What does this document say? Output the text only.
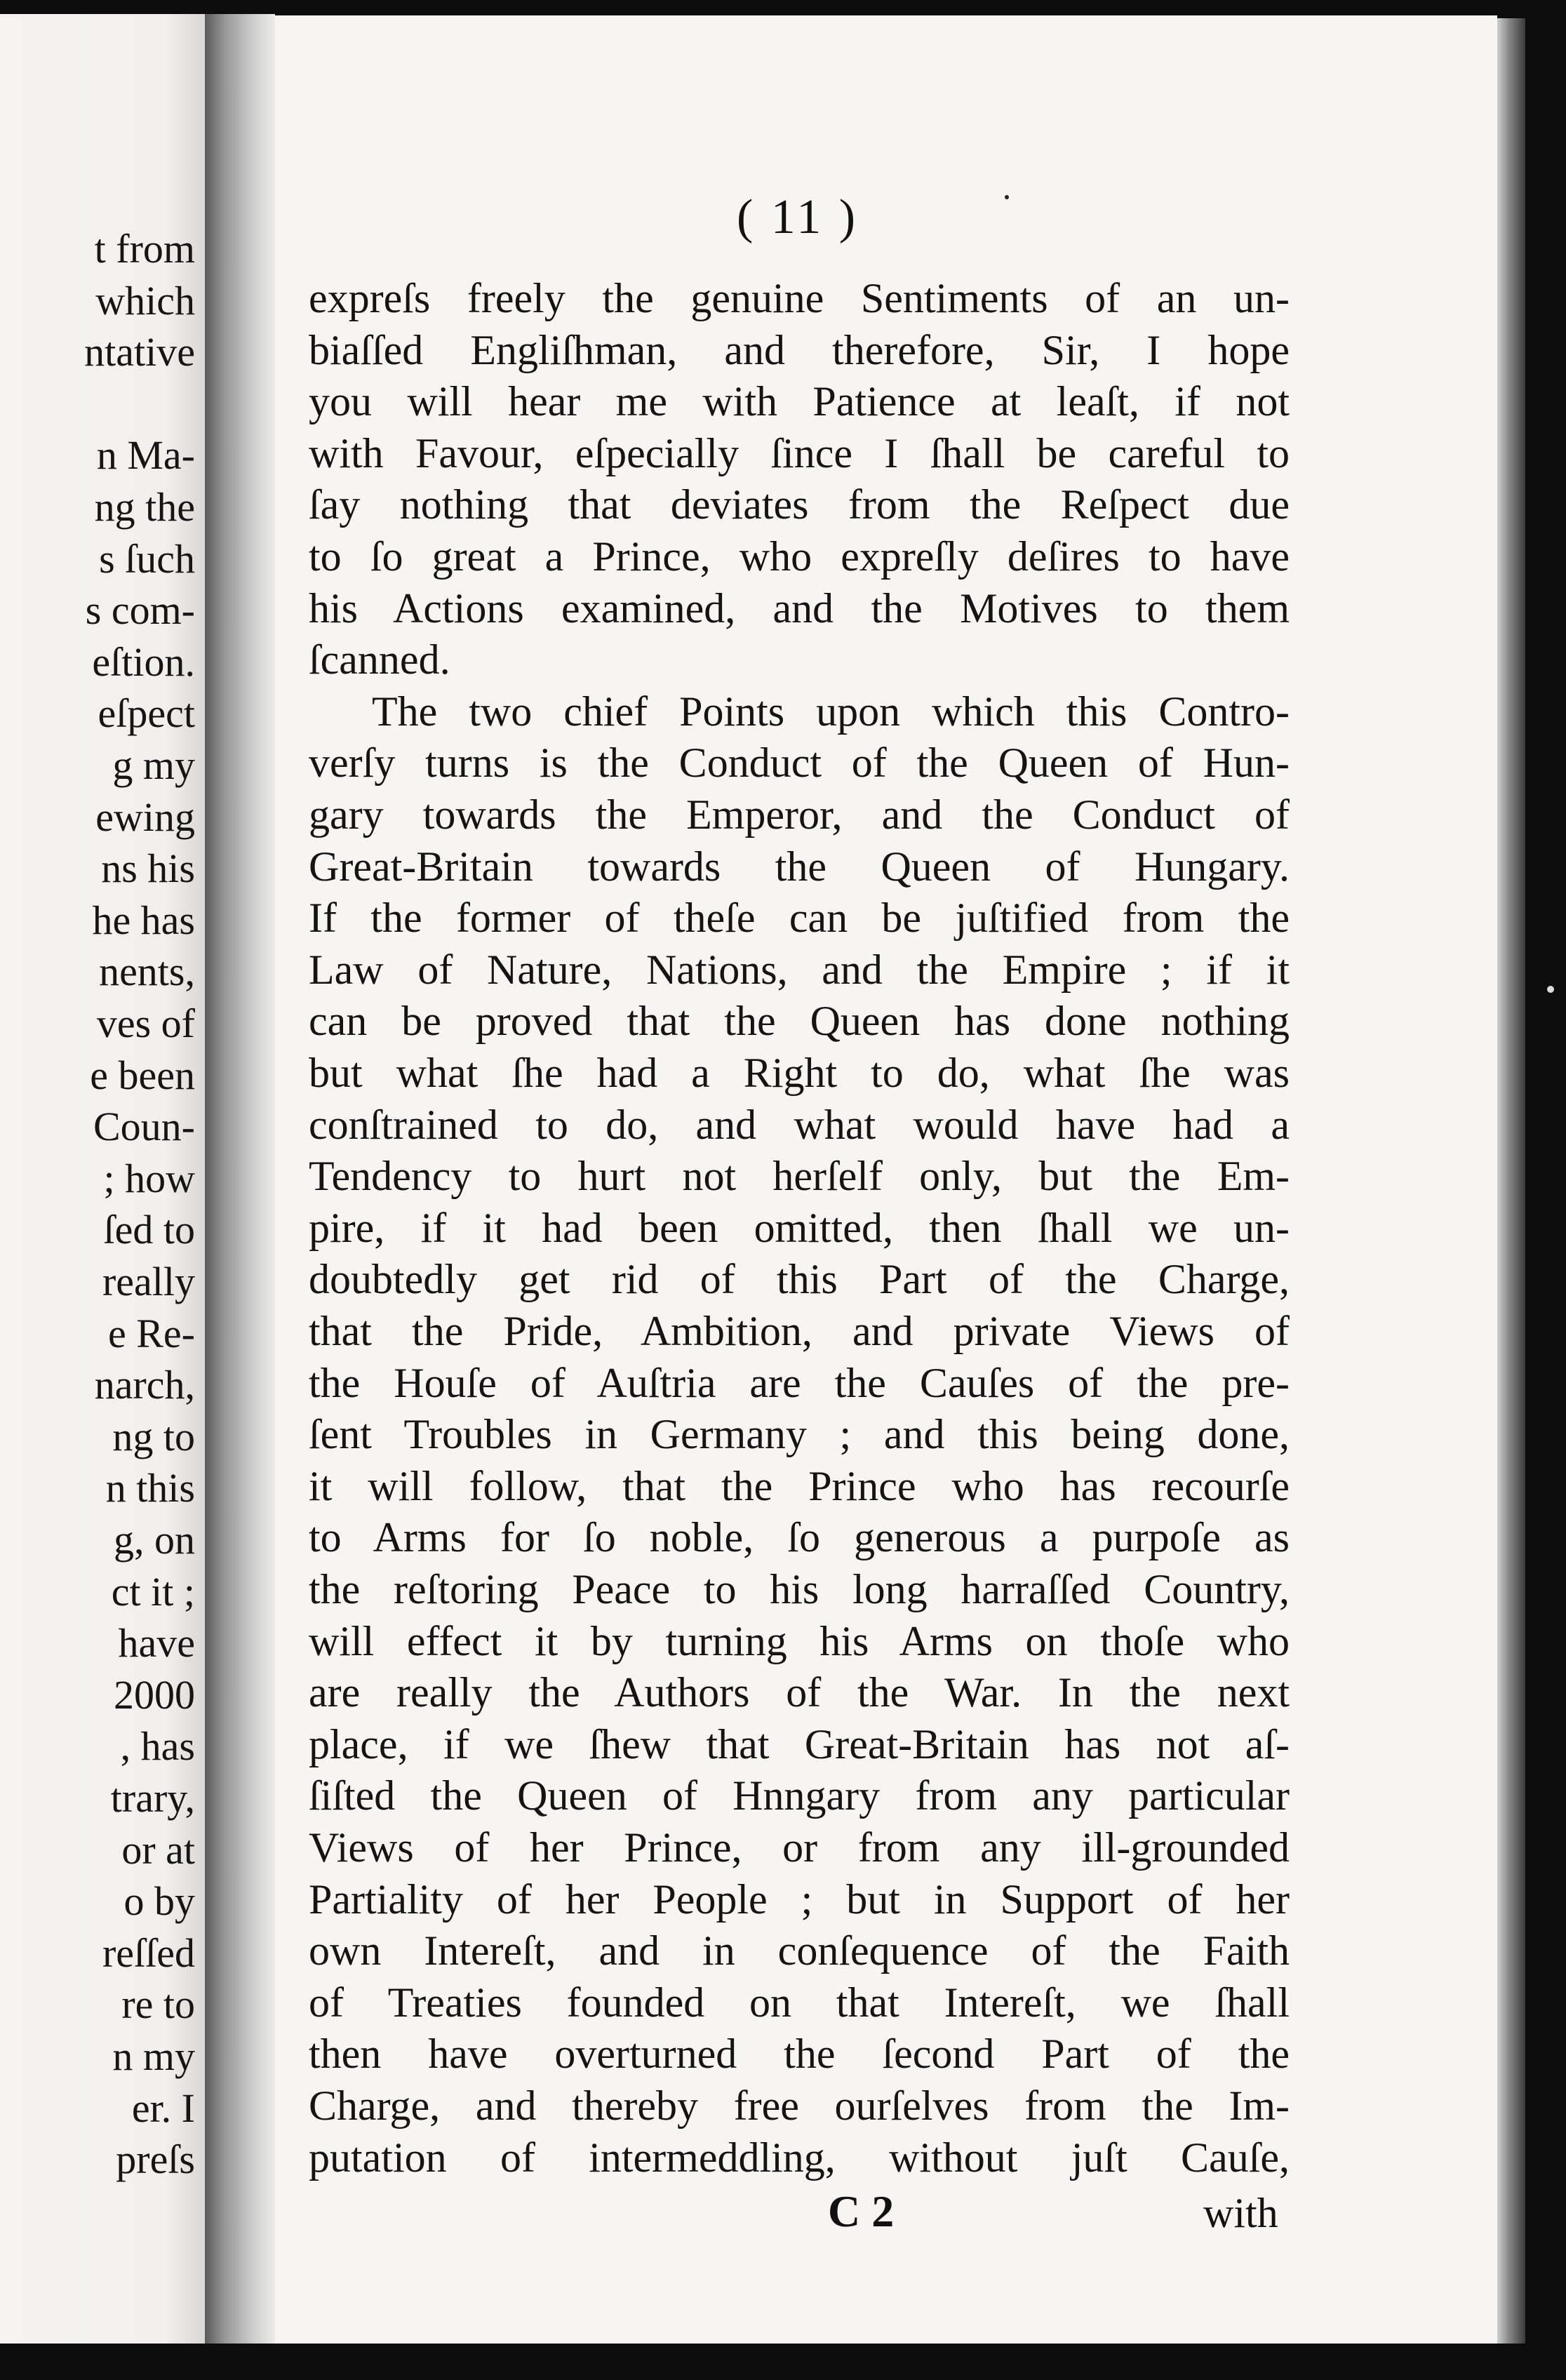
t from
which
ntative
n Ma-
ng the
s ſuch
s com-
eſtion.
eſpect
g my
ewing
ns his
he has
nents,
ves of
e been
Coun-
; how
ſed to
really
e Re-
narch,
ng to
n this
g, on
ct it ;
have
2000
, has
trary,
or at
o by
reſſed
re to
n my
er. I
preſs
( 11 )
expreſs freely the genuine Sentiments of an un-
biaſſed Engliſhman, and therefore, Sir, I hope
you will hear me with Patience at leaſt, if not
with Favour, eſpecially ſince I ſhall be careful to
ſay nothing that deviates from the Reſpect due
to ſo great a Prince, who expreſly deſires to have
his Actions examined, and the Motives to them
ſcanned.
The two chief Points upon which this Contro-
verſy turns is the Conduct of the Queen of Hun-
gary towards the Emperor, and the Conduct of
Great-Britain towards the Queen of Hungary.
If the former of theſe can be juſtified from the
Law of Nature, Nations, and the Empire ; if it
can be proved that the Queen has done nothing
but what ſhe had a Right to do, what ſhe was
conſtrained to do, and what would have had a
Tendency to hurt not herſelf only, but the Em-
pire, if it had been omitted, then ſhall we un-
doubtedly get rid of this Part of the Charge,
that the Pride, Ambition, and private Views of
the Houſe of Auſtria are the Cauſes of the pre-
ſent Troubles in Germany ; and this being done,
it will follow, that the Prince who has recourſe
to Arms for ſo noble, ſo generous a purpoſe as
the reſtoring Peace to his long harraſſed Country,
will effect it by turning his Arms on thoſe who
are really the Authors of the War. In the next
place, if we ſhew that Great-Britain has not aſ-
ſiſted the Queen of Hnngary from any particular
Views of her Prince, or from any ill-grounded
Partiality of her People ; but in Support of her
own Intereſt, and in conſequence of the Faith
of Treaties founded on that Intereſt, we ſhall
then have overturned the ſecond Part of the
Charge, and thereby free ourſelves from the Im-
putation of intermeddling, without juſt Cauſe,
C 2	with
